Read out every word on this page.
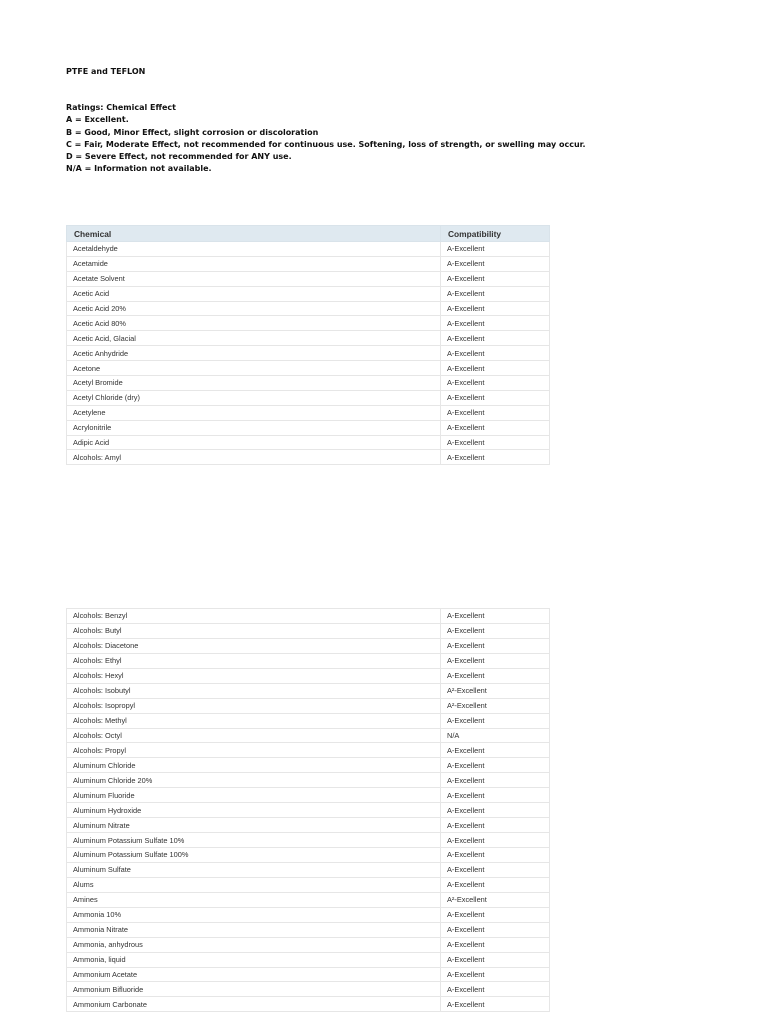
PTFE and TEFLON
Ratings: Chemical Effect
A = Excellent.
B = Good, Minor Effect, slight corrosion or discoloration
C = Fair, Moderate Effect, not recommended for continuous use. Softening, loss of strength, or swelling may occur.
D = Severe Effect, not recommended for ANY use.
N/A = Information not available.
Chemical	Compatibility
Acetaldehyde	A-Excellent
Acetamide	A-Excellent
Acetate Solvent	A-Excellent
Acetic Acid	A-Excellent
Acetic Acid 20%	A-Excellent
Acetic Acid 80%	A-Excellent
Acetic Acid, Glacial	A-Excellent
Acetic Anhydride	A-Excellent
Acetone	A-Excellent
Acetyl Bromide	A-Excellent
Acetyl Chloride (dry)	A-Excellent
Acetylene	A-Excellent
Acrylonitrile	A-Excellent
Adipic Acid	A-Excellent
Alcohols: Amyl	A-Excellent
Alcohols: Benzyl	A-Excellent
Alcohols: Butyl	A-Excellent
Alcohols: Diacetone	A-Excellent
Alcohols: Ethyl	A-Excellent
Alcohols: Hexyl	A-Excellent
Alcohols: Isobutyl	A²-Excellent
Alcohols: Isopropyl	A²-Excellent
Alcohols: Methyl	A-Excellent
Alcohols: Octyl	N/A
Alcohols: Propyl	A-Excellent
Aluminum Chloride	A-Excellent
Aluminum Chloride 20%	A-Excellent
Aluminum Fluoride	A-Excellent
Aluminum Hydroxide	A-Excellent
Aluminum Nitrate	A-Excellent
Aluminum Potassium Sulfate 10%	A-Excellent
Aluminum Potassium Sulfate 100%	A-Excellent
Aluminum Sulfate	A-Excellent
Alums	A-Excellent
Amines	A²-Excellent
Ammonia 10%	A-Excellent
Ammonia Nitrate	A-Excellent
Ammonia, anhydrous	A-Excellent
Ammonia, liquid	A-Excellent
Ammonium Acetate	A-Excellent
Ammonium Bifluoride	A-Excellent
Ammonium Carbonate	A-Excellent
